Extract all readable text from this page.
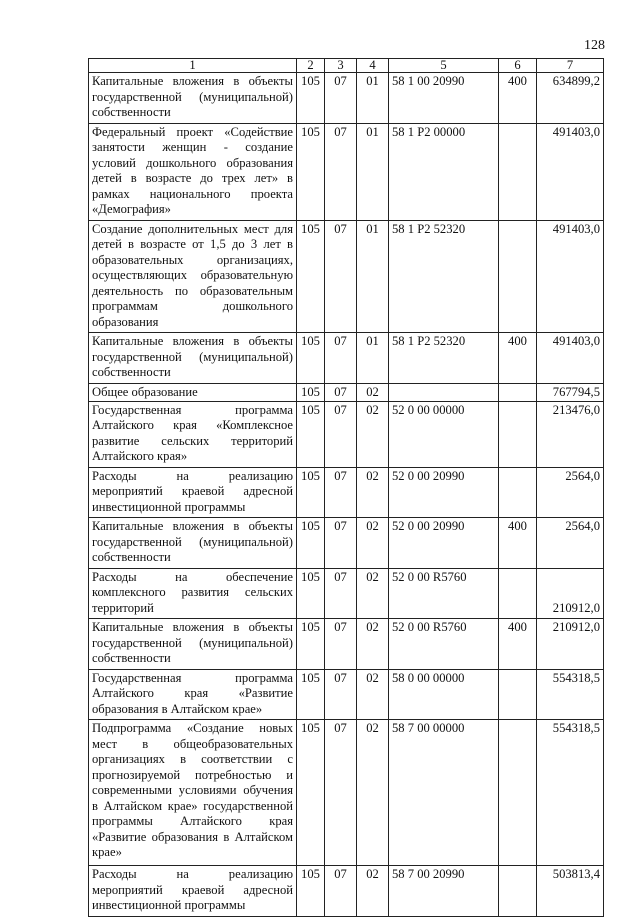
128
1	2	3	4	5	6	7
Капитальные вложения в объекты государственной (муниципальной) собственности	105	07	01	58 1 00 20990	400	634899,2
Федеральный проект «Содействие занятости женщин - создание условий дошкольного образования детей в возрасте до трех лет» в рамках национального проекта «Демография»	105	07	01	58 1 P2 00000		491403,0
Создание дополнительных мест для детей в возрасте от 1,5 до 3 лет в образовательных организациях, осуществляющих образовательную деятельность по образовательным программам дошкольного образования	105	07	01	58 1 P2 52320		491403,0
Капитальные вложения в объекты государственной (муниципальной) собственности	105	07	01	58 1 P2 52320	400	491403,0
Общее образование	105	07	02			767794,5
Государственная программа Алтайского края «Комплексное развитие сельских территорий Алтайского края»	105	07	02	52 0 00 00000		213476,0
Расходы на реализацию мероприятий краевой адресной инвестиционной программы	105	07	02	52 0 00 20990		2564,0
Капитальные вложения в объекты государственной (муниципальной) собственности	105	07	02	52 0 00 20990	400	2564,0
Расходы на обеспечение комплексного развития сельских территорий	105	07	02	52 0 00 R5760		210912,0
Капитальные вложения в объекты государственной (муниципальной) собственности	105	07	02	52 0 00 R5760	400	210912,0
Государственная программа Алтайского края «Развитие образования в Алтайском крае»	105	07	02	58 0 00 00000		554318,5
Подпрограмма «Создание новых мест в общеобразовательных организациях в соответствии с прогнозируемой потребностью и современными условиями обучения в Алтайском крае» государственной программы Алтайского края «Развитие образования в Алтайском крае»	105	07	02	58 7 00 00000		554318,5
Расходы на реализацию мероприятий краевой адресной инвестиционной программы	105	07	02	58 7 00 20990		503813,4
